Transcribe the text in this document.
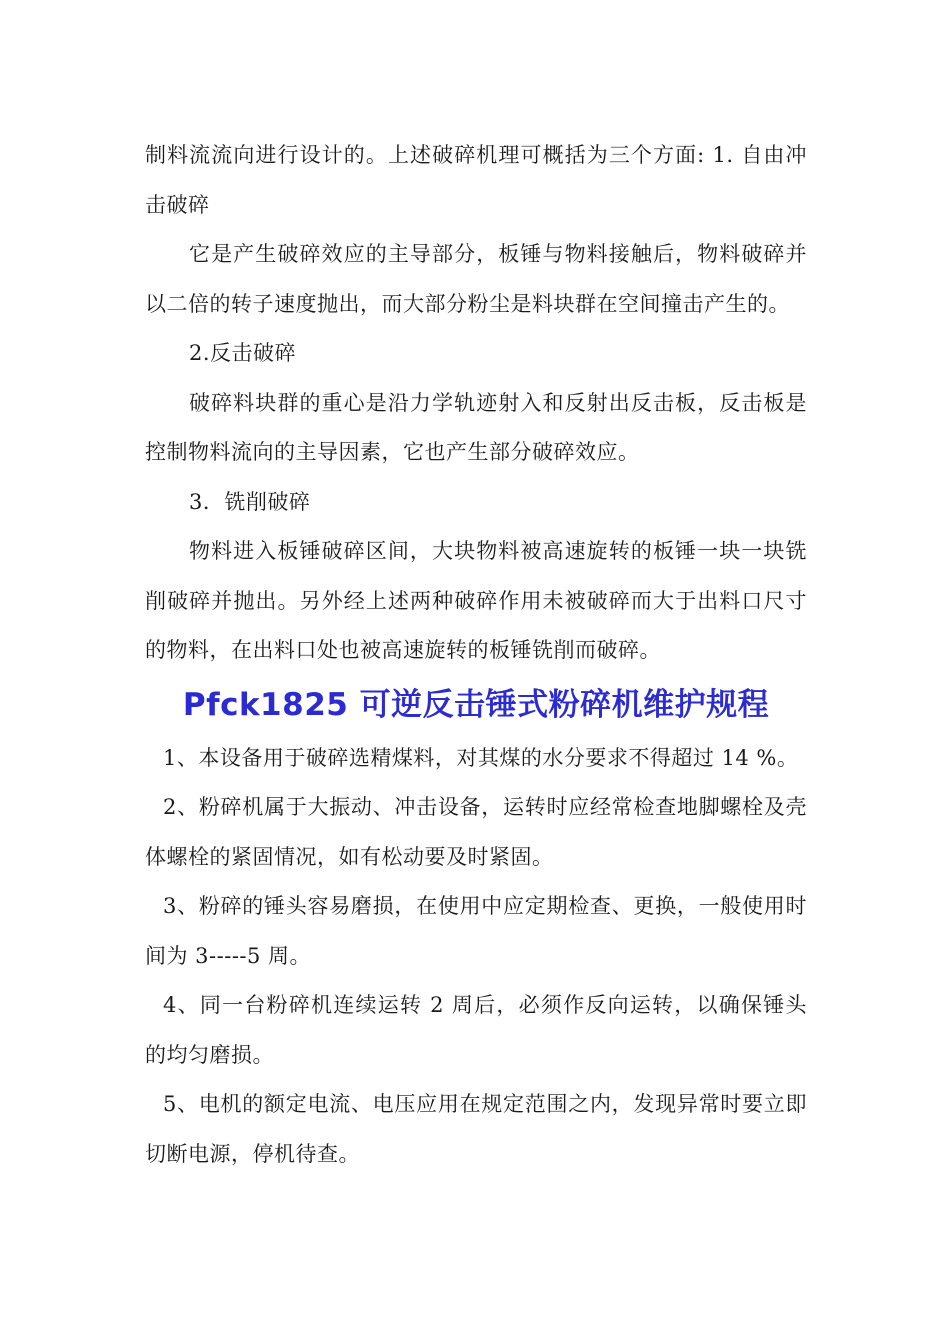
制料流流向进行设计的。上述破碎机理可概括为三个方面: 1. 自由冲击破碎

它是产生破碎效应的主导部分，板锤与物料接触后，物料破碎并以二倍的转子速度抛出，而大部分粉尘是料块群在空间撞击产生的。

2.反击破碎

破碎料块群的重心是沿力学轨迹射入和反射出反击板，反击板是控制物料流向的主导因素，它也产生部分破碎效应。

3．铣削破碎

物料进入板锤破碎区间，大块物料被高速旋转的板锤一块一块铣削破碎并抛出。另外经上述两种破碎作用未被破碎而大于出料口尺寸的物料，在出料口处也被高速旋转的板锤铣削而破碎。

Pfck1825 可逆反击锤式粉碎机维护规程

1、本设备用于破碎选精煤料，对其煤的水分要求不得超过 14 %。

2、粉碎机属于大振动、冲击设备，运转时应经常检查地脚螺栓及壳体螺栓的紧固情况，如有松动要及时紧固。

3、粉碎的锤头容易磨损，在使用中应定期检查、更换，一般使用时间为 3-----5 周。

4、同一台粉碎机连续运转 2 周后，必须作反向运转，以确保锤头的均匀磨损。

5、电机的额定电流、电压应用在规定范围之内，发现异常时要立即切断电源，停机待查。
